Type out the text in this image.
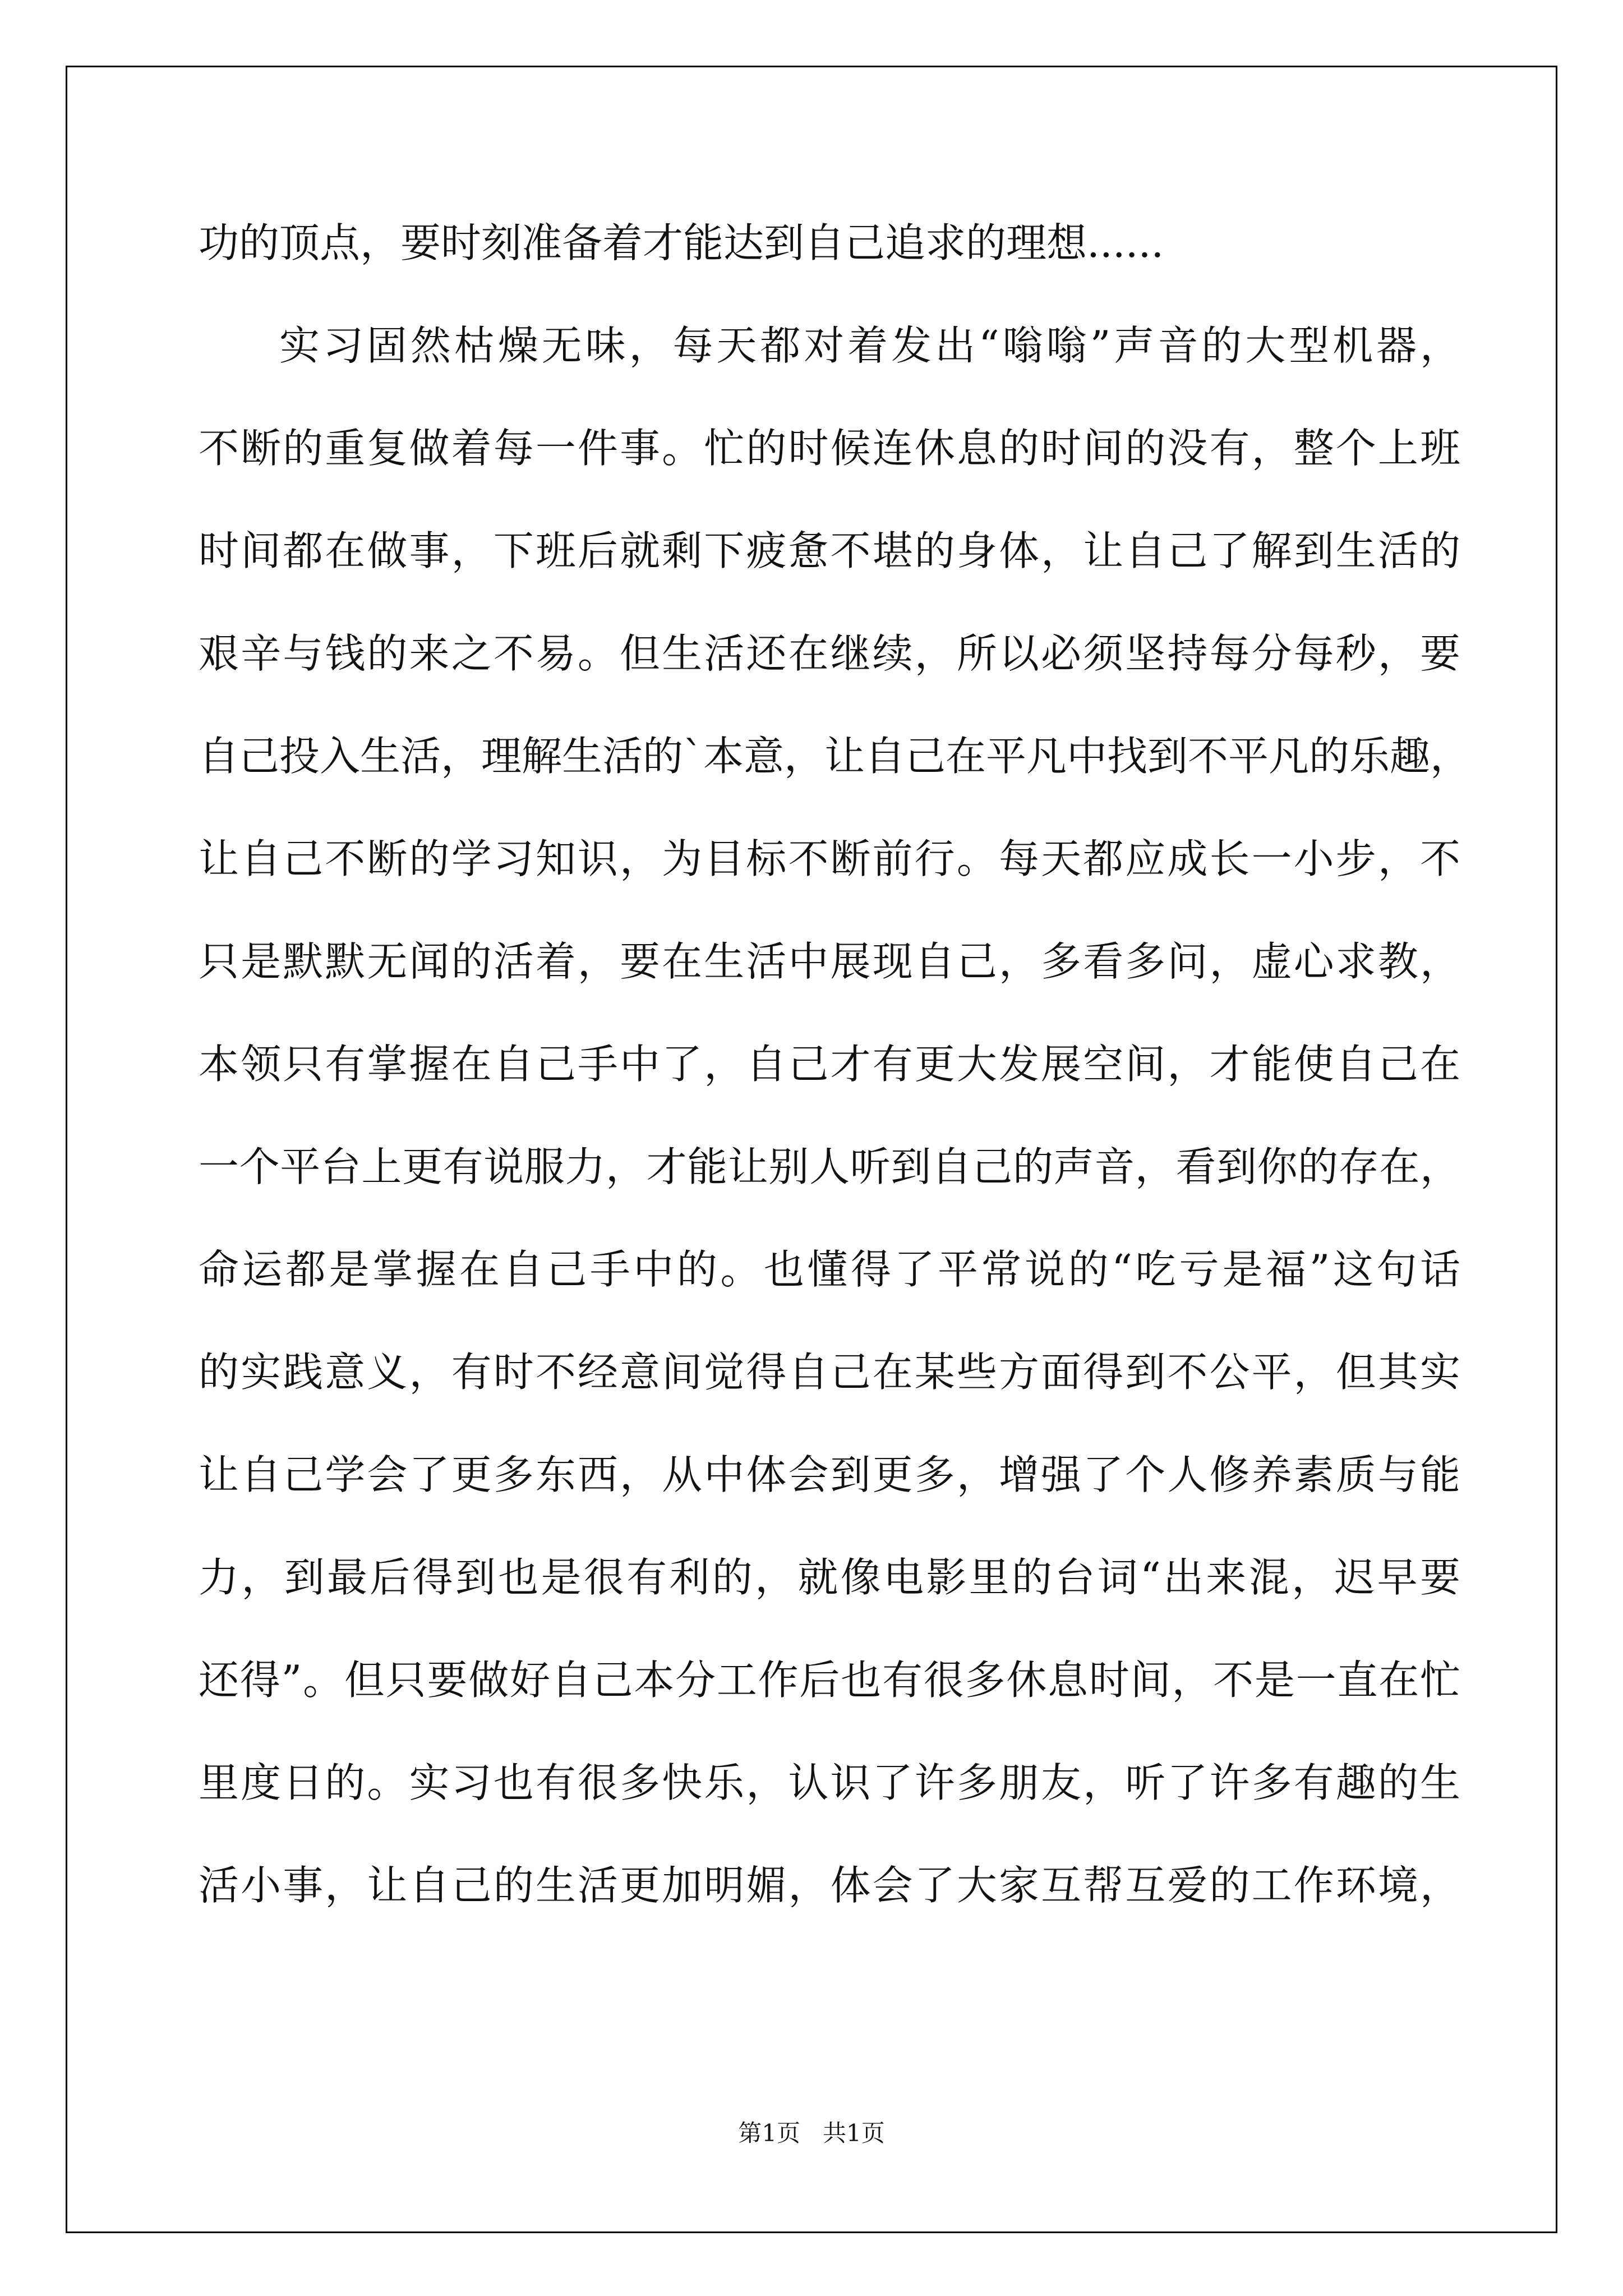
功的顶点，要时刻准备着才能达到自己追求的理想......
实习固然枯燥无味，每天都对着发出“嗡嗡”声音的大型机器，
不断的重复做着每一件事。忙的时候连休息的时间的没有，整个上班
时间都在做事，下班后就剩下疲惫不堪的身体，让自己了解到生活的
艰辛与钱的来之不易。但生活还在继续，所以必须坚持每分每秒，要
自己投入生活，理解生活的`本意，让自己在平凡中找到不平凡的乐趣，
让自己不断的学习知识，为目标不断前行。每天都应成长一小步，不
只是默默无闻的活着，要在生活中展现自己，多看多问，虚心求教，
本领只有掌握在自己手中了，自己才有更大发展空间，才能使自己在
一个平台上更有说服力，才能让别人听到自己的声音，看到你的存在，
命运都是掌握在自己手中的。也懂得了平常说的“吃亏是福”这句话
的实践意义，有时不经意间觉得自己在某些方面得到不公平，但其实
让自己学会了更多东西，从中体会到更多，增强了个人修养素质与能
力，到最后得到也是很有利的，就像电影里的台词“出来混，迟早要
还得”。但只要做好自己本分工作后也有很多休息时间，不是一直在忙
里度日的。实习也有很多快乐，认识了许多朋友，听了许多有趣的生
活小事，让自己的生活更加明媚，体会了大家互帮互爱的工作环境，
第1页   共1页
